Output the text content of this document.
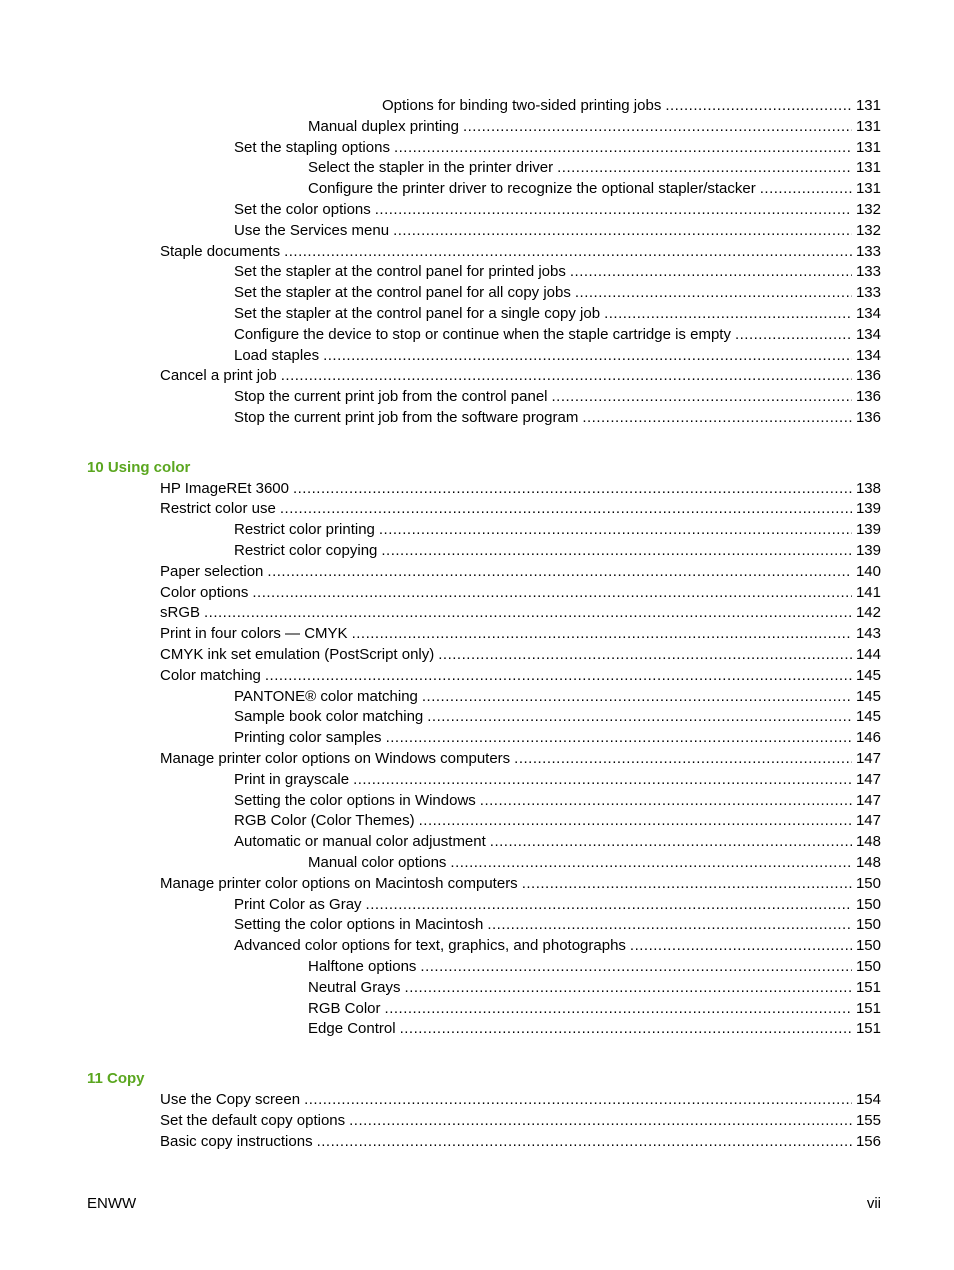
Options for binding two-sided printing jobs .....	131
Manual duplex printing .....	131
Set the stapling options .....	131
Select the stapler in the printer driver .....	131
Configure the printer driver to recognize the optional stapler/stacker .....	131
Set the color options .....	132
Use the Services menu .....	132
Staple documents .....	133
Set the stapler at the control panel for printed jobs .....	133
Set the stapler at the control panel for all copy jobs .....	133
Set the stapler at the control panel for a single copy job .....	134
Configure the device to stop or continue when the staple cartridge is empty .....	134
Load staples .....	134
Cancel a print job .....	136
Stop the current print job from the control panel .....	136
Stop the current print job from the software program .....	136
10 Using color
HP ImageREt 3600 .....	138
Restrict color use .....	139
Restrict color printing .....	139
Restrict color copying .....	139
Paper selection .....	140
Color options .....	141
sRGB .....	142
Print in four colors — CMYK .....	143
CMYK ink set emulation (PostScript only) .....	144
Color matching .....	145
PANTONE® color matching .....	145
Sample book color matching .....	145
Printing color samples .....	146
Manage printer color options on Windows computers .....	147
Print in grayscale .....	147
Setting the color options in Windows .....	147
RGB Color (Color Themes) .....	147
Automatic or manual color adjustment .....	148
Manual color options .....	148
Manage printer color options on Macintosh computers .....	150
Print Color as Gray .....	150
Setting the color options in Macintosh .....	150
Advanced color options for text, graphics, and photographs .....	150
Halftone options .....	150
Neutral Grays .....	151
RGB Color .....	151
Edge Control .....	151
11 Copy
Use the Copy screen .....	154
Set the default copy options .....	155
Basic copy instructions .....	156
ENWW	vii
